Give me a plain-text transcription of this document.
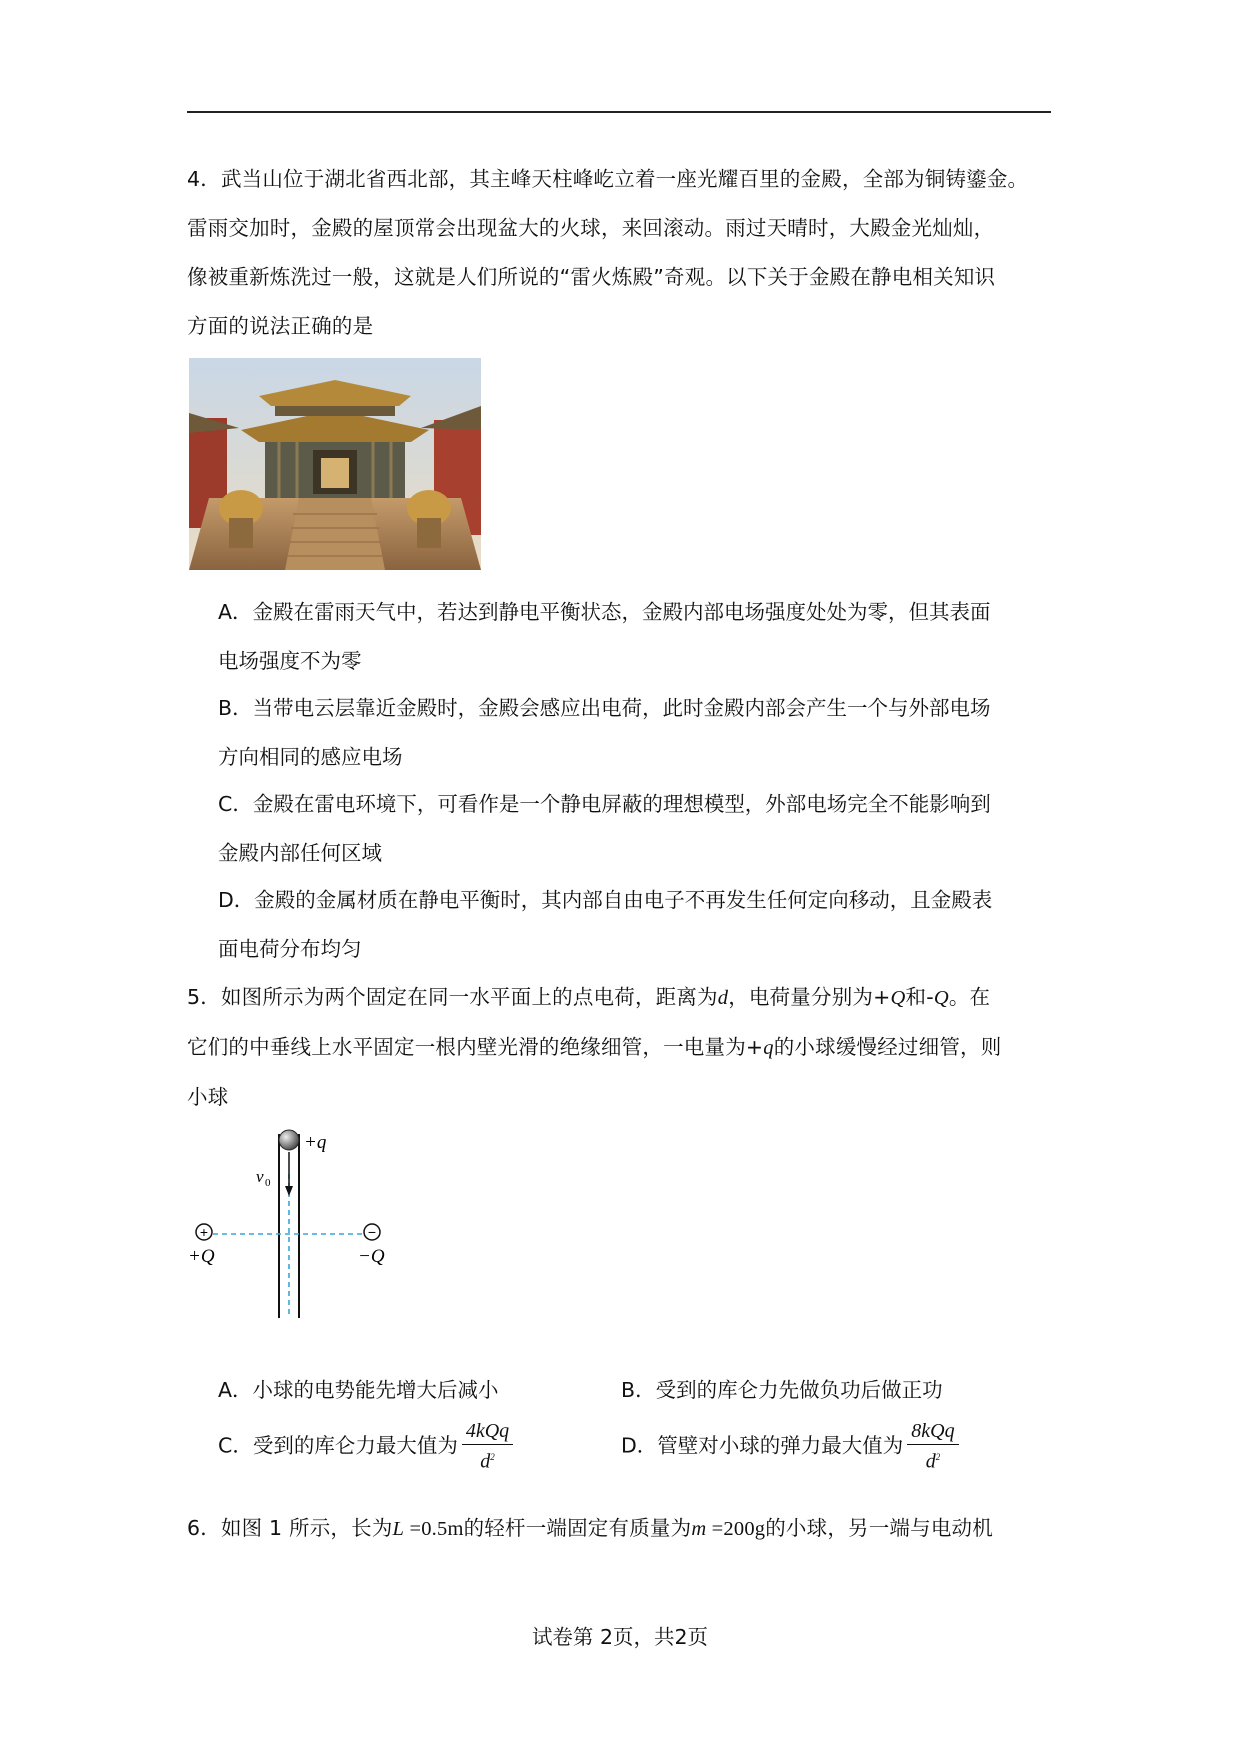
4．武当山位于湖北省西北部，其主峰天柱峰屹立着一座光耀百里的金殿，全部为铜铸鎏金。
雷雨交加时，金殿的屋顶常会出现盆大的火球，来回滚动。雨过天晴时，大殿金光灿灿，
像被重新炼洗过一般，这就是人们所说的“雷火炼殿”奇观。以下关于金殿在静电相关知识
方面的说法正确的是
A．金殿在雷雨天气中，若达到静电平衡状态，金殿内部电场强度处处为零，但其表面
电场强度不为零
B．当带电云层靠近金殿时，金殿会感应出电荷，此时金殿内部会产生一个与外部电场
方向相同的感应电场
C．金殿在雷电环境下，可看作是一个静电屏蔽的理想模型，外部电场完全不能影响到
金殿内部任何区域
D．金殿的金属材质在静电平衡时，其内部自由电子不再发生任何定向移动，且金殿表
面电荷分布均匀
5．如图所示为两个固定在同一水平面上的点电荷，距离为d，电荷量分别为+Q和-Q。在
它们的中垂线上水平固定一根内壁光滑的绝缘细管，一电量为+q的小球缓慢经过细管，则
小球
+q
v 0
+
+Q
−
−Q
A．小球的电势能先增大后减小	B．受到的库仑力先做负功后做正功
C．受到的库仑力最大值为 $\frac{\text{4kQq}}{d^2}$	D．管壁对小球的弹力最大值为 $\frac{\text{8kQq}}{d^2}$
6．如图 1 所示，长为L =0.5m的轻杆一端固定有质量为m =200g的小球，另一端与电动机
试卷第 2页，共2页
